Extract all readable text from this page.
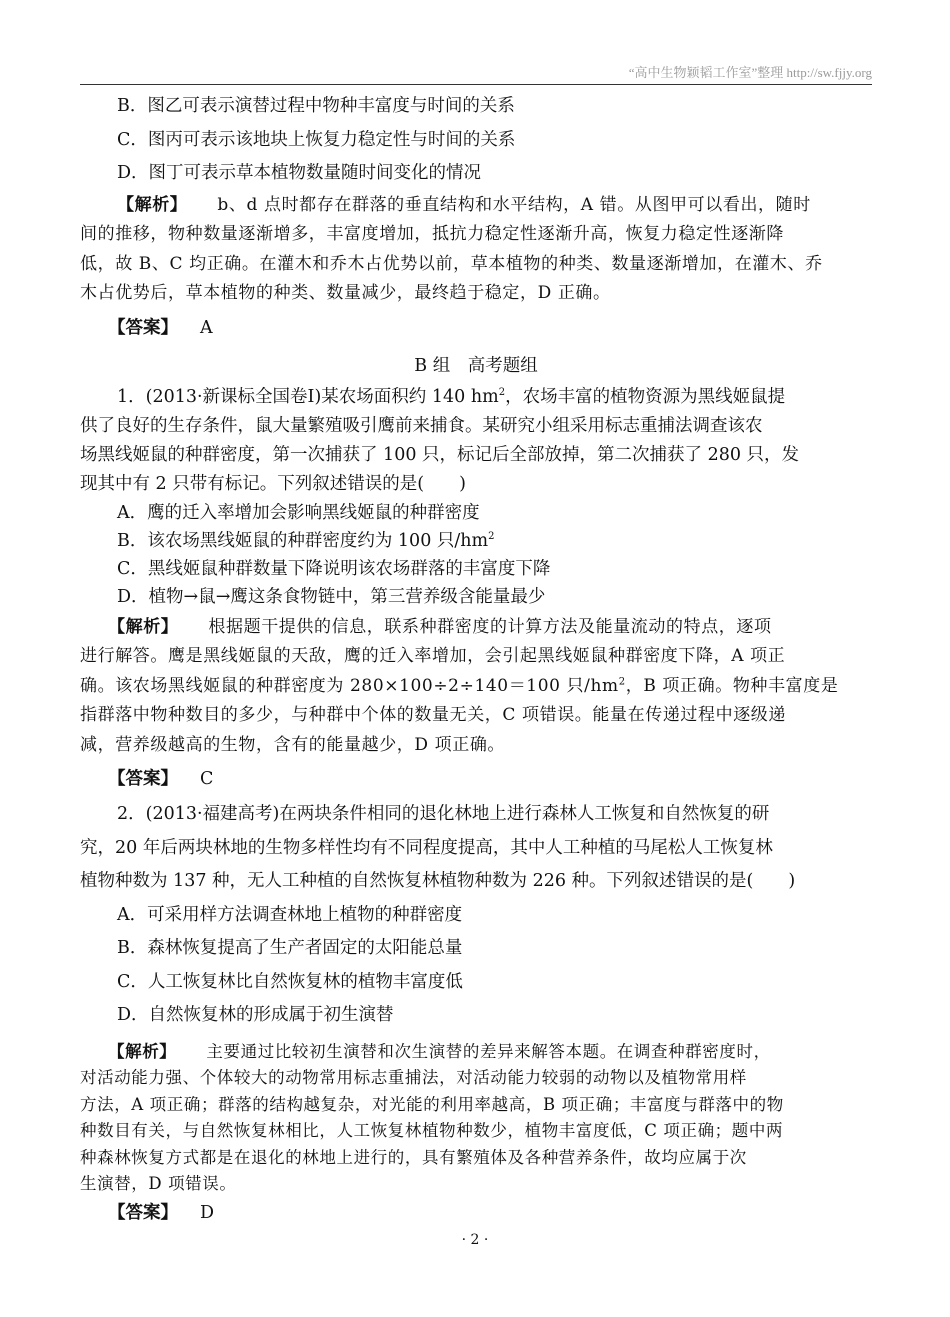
“高中生物颖韬工作室”整理 http://sw.fjjy.org
B．图乙可表示演替过程中物种丰富度与时间的关系
C．图丙可表示该地块上恢复力稳定性与时间的关系
D．图丁可表示草本植物数量随时间变化的情况
【解析】 b、d 点时都存在群落的垂直结构和水平结构，A 错。从图甲可以看出，随时
间的推移，物种数量逐渐增多，丰富度增加，抵抗力稳定性逐渐升高，恢复力稳定性逐渐降
低，故 B、C 均正确。在灌木和乔木占优势以前，草本植物的种类、数量逐渐增加，在灌木、乔
木占优势后，草本植物的种类、数量减少，最终趋于稳定，D 正确。
【答案】 A
B 组　高考题组
1．(2013·新课标全国卷Ⅰ)某农场面积约 140 $hm^2$，农场丰富的植物资源为黑线姬鼠提
供了良好的生存条件，鼠大量繁殖吸引鹰前来捕食。某研究小组采用标志重捕法调查该农
场黑线姬鼠的种群密度，第一次捕获了 100 只，标记后全部放掉，第二次捕获了 280 只，发
现其中有 2 只带有标记。下列叙述错误的是(　　)
A．鹰的迁入率增加会影响黑线姬鼠的种群密度
B．该农场黑线姬鼠的种群密度约为 100 只$/hm^2$
C．黑线姬鼠种群数量下降说明该农场群落的丰富度下降
D．植物→鼠→鹰这条食物链中，第三营养级含能量最少
【解析】 根据题干提供的信息，联系种群密度的计算方法及能量流动的特点，逐项
进行解答。鹰是黑线姬鼠的天敌，鹰的迁入率增加，会引起黑线姬鼠种群密度下降，A 项正
确。该农场黑线姬鼠的种群密度为 280×100÷2÷140＝100 只$/hm^2$，B 项正确。物种丰富度是
指群落中物种数目的多少，与种群中个体的数量无关，C 项错误。能量在传递过程中逐级递
减，营养级越高的生物，含有的能量越少，D 项正确。
【答案】 C
2．(2013·福建高考)在两块条件相同的退化林地上进行森林人工恢复和自然恢复的研
究，20 年后两块林地的生物多样性均有不同程度提高，其中人工种植的马尾松人工恢复林
植物种数为 137 种，无人工种植的自然恢复林植物种数为 226 种。下列叙述错误的是(　　)
A．可采用样方法调查林地上植物的种群密度
B．森林恢复提高了生产者固定的太阳能总量
C．人工恢复林比自然恢复林的植物丰富度低
D．自然恢复林的形成属于初生演替
【解析】 主要通过比较初生演替和次生演替的差异来解答本题。在调查种群密度时，
对活动能力强、个体较大的动物常用标志重捕法，对活动能力较弱的动物以及植物常用样
方法，A 项正确；群落的结构越复杂，对光能的利用率越高，B 项正确；丰富度与群落中的物
种数目有关，与自然恢复林相比，人工恢复林植物种数少，植物丰富度低，C 项正确；题中两
种森林恢复方式都是在退化的林地上进行的，具有繁殖体及各种营养条件，故均应属于次
生演替，D 项错误。
【答案】 D
· 2 ·
